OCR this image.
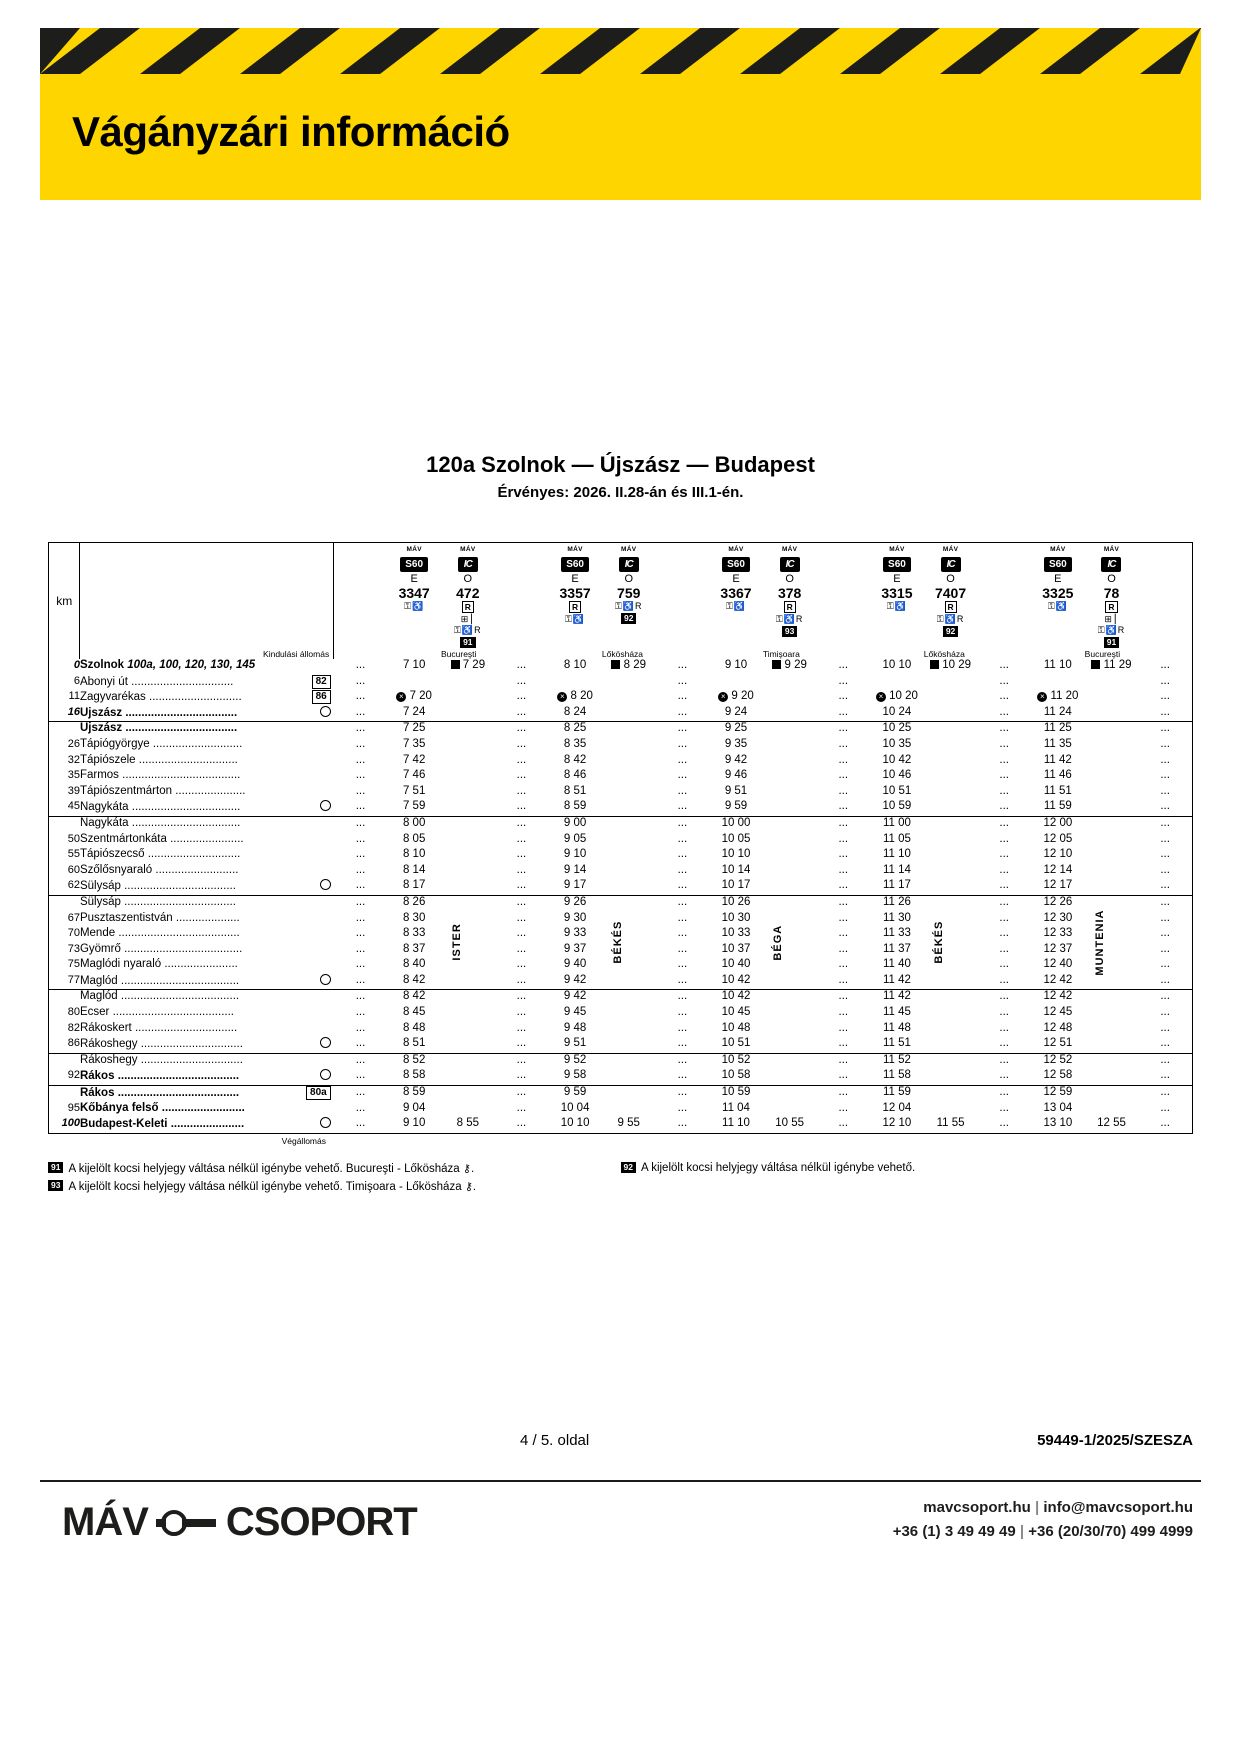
Vágányzári információ
120a Szolnok — Újszász — Budapest
Érvényes: 2026. II.28-án és III.1-én.
km	
Kindulási állomás

MÁV
S60
E
3347
⚿♿

MÁV
IC
O
472
R
⊞⎮
⚿♿R
91

MÁV
S60
E
3357
R
⚿♿

MÁV
IC
O
759
⚿♿R
92

MÁV
S60
E
3367
⚿♿

MÁV
IC
O
378
R
⚿♿R
93

MÁV
S60
E
3315
⚿♿

MÁV
IC
O
7407
R
⚿♿R
92

MÁV
S60
E
3325
⚿♿

MÁV
IC
O
78
R
⊞⎮
⚿♿R
91

				Bucureşti			Lőkösháza			Timişoara			Lőkösháza			Bucureşti	
0	Szolnok 100a, 100, 120, 130, 145	...	7 10	7 29	...	8 10	8 29	...	9 10	9 29	...	10 10	10 29	...	11 10	11 29	...
6	Abonyi út ................................ 82	...			...			...			...			...			...
11	Zagyvarékas ............................. 86	...	× 7 20		...	× 8 20		...	× 9 20		...	× 10 20		...	× 11 20		...
16	Újszász ...................................	...	7 24		...	8 24		...	9 24		...	10 24		...	11 24		...

	Újszász ...................................	...	7 25		...	8 25		...	9 25		...	10 25		...	11 25		...
26	Tápiógyörgye ............................	...	7 35		...	8 35		...	9 35		...	10 35		...	11 35		...
32	Tápiószele ...............................	...	7 42		...	8 42		...	9 42		...	10 42		...	11 42		...
35	Farmos .....................................	...	7 46		...	8 46		...	9 46		...	10 46		...	11 46		...
39	Tápiószentmárton ......................	...	7 51		...	8 51		...	9 51		...	10 51		...	11 51		...
45	Nagykáta ..................................	...	7 59		...	8 59		...	9 59		...	10 59		...	11 59		...

	Nagykáta ..................................	...	8 00		...	9 00		...	10 00		...	11 00		...	12 00		...
50	Szentmártonkáta .......................	...	8 05		...	9 05		...	10 05		...	11 05		...	12 05		...
55	Tápiószecső .............................	...	8 10		...	9 10		...	10 10		...	11 10		...	12 10		...
60	Szőlősnyaraló ..........................	...	8 14		...	9 14		...	10 14		...	11 14		...	12 14		...
62	Sülysáp ...................................	...	8 17		...	9 17		...	10 17		...	11 17		...	12 17		...

	Sülysáp ...................................	...	8 26		...	9 26		...	10 26		...	11 26		...	12 26		...
67	Pusztaszentistván ....................	...	8 30		...	9 30		...	10 30		...	11 30		...	12 30		...
70	Mende ......................................	...	8 33		...	9 33		...	10 33		...	11 33		...	12 33		...
73	Gyömrő .....................................	...	8 37		...	9 37		...	10 37		...	11 37		...	12 37		...
75	Maglódi nyaraló .......................	...	8 40		...	9 40		...	10 40		...	11 40		...	12 40		...
77	Maglód .....................................	...	8 42		...	9 42		...	10 42		...	11 42		...	12 42		...

	Maglód .....................................	...	8 42		...	9 42		...	10 42		...	11 42		...	12 42		...
80	Ecser ......................................	...	8 45		...	9 45		...	10 45		...	11 45		...	12 45		...
82	Rákoskert ................................	...	8 48		...	9 48		...	10 48		...	11 48		...	12 48		...
86	Rákoshegy ................................	...	8 51		...	9 51		...	10 51		...	11 51		...	12 51		...

	Rákoshegy ................................	...	8 52		...	9 52		...	10 52		...	11 52		...	12 52		...
92	Rákos ......................................	...	8 58		...	9 58		...	10 58		...	11 58		...	12 58		...

	Rákos ...................................... 80a	...	8 59		...	9 59		...	10 59		...	11 59		...	12 59		...
95	Kőbánya felső ..........................	...	9 04		...	10 04		...	11 04		...	12 04		...	13 04		...
100	Budapest-Keleti .......................	...	9 10	8 55	...	10 10	9 55	...	11 10	10 55	...	12 10	11 55	...	13 10	12 55	...
91 A kijelölt kocsi helyjegy váltása nélkül igénybe vehető. Bucureşti - Lőkösháza ⚷.	92 A kijelölt kocsi helyjegy váltása nélkül igénybe vehető.
93 A kijelölt kocsi helyjegy váltása nélkül igénybe vehető. Timişoara - Lőkösháza ⚷.
4 / 5. oldal	59449-1/2025/SZESZA
MÁV CSOPORT	mavcsoport.hu | info@mavcsoport.hu
+36 (1) 3 49 49 49 | +36 (20/30/70) 499 4999
ISTER	BÉKÉS	BÉGA	BÉKÉS	MUNTENIA
Végállomás
